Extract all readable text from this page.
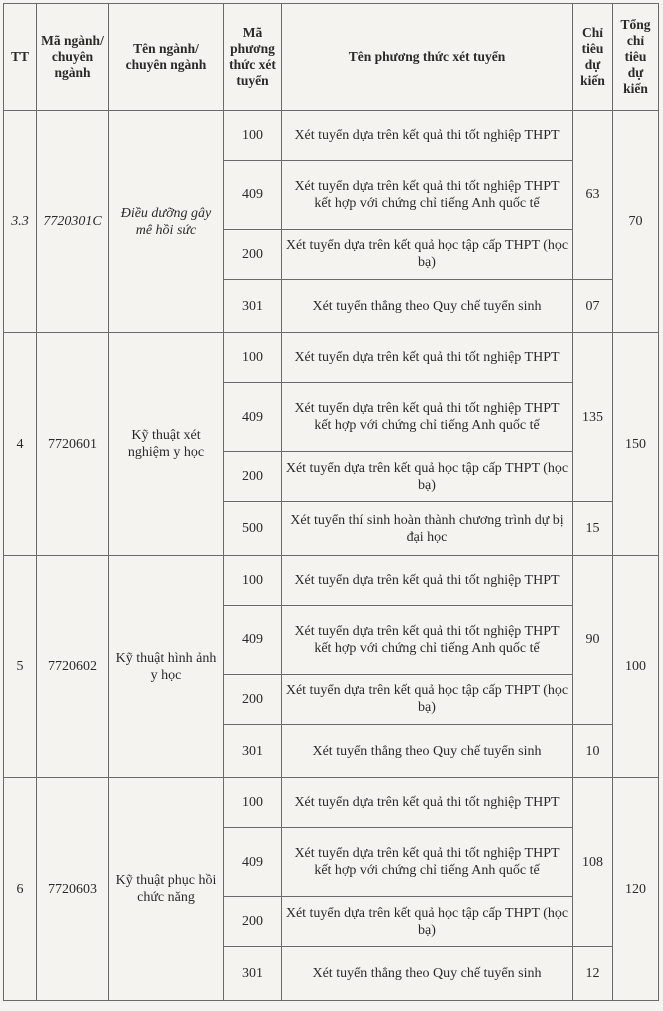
TT	Mã ngành/ chuyên ngành	Tên ngành/ chuyên ngành	Mã phương thức xét tuyển	Tên phương thức xét tuyển	Chỉ tiêu dự kiến	Tổng chỉ tiêu dự kiến
3.3	7720301C	Điều dưỡng gây mê hồi sức	100	Xét tuyển dựa trên kết quả thi tốt nghiệp THPT	63	70
			409	Xét tuyển dựa trên kết quả thi tốt nghiệp THPT kết hợp với chứng chỉ tiếng Anh quốc tế		
			200	Xét tuyển dựa trên kết quả học tập cấp THPT (học bạ)		
			301	Xét tuyển thẳng theo Quy chế tuyển sinh	07	
4	7720601	Kỹ thuật xét nghiệm y học	100	Xét tuyển dựa trên kết quả thi tốt nghiệp THPT	135	150
			409	Xét tuyển dựa trên kết quả thi tốt nghiệp THPT kết hợp với chứng chỉ tiếng Anh quốc tế		
			200	Xét tuyển dựa trên kết quả học tập cấp THPT (học bạ)		
			500	Xét tuyển thí sinh hoàn thành chương trình dự bị đại học	15	
5	7720602	Kỹ thuật hình ảnh y học	100	Xét tuyển dựa trên kết quả thi tốt nghiệp THPT	90	100
			409	Xét tuyển dựa trên kết quả thi tốt nghiệp THPT kết hợp với chứng chỉ tiếng Anh quốc tế		
			200	Xét tuyển dựa trên kết quả học tập cấp THPT (học bạ)		
			301	Xét tuyển thẳng theo Quy chế tuyển sinh	10	
6	7720603	Kỹ thuật phục hồi chức năng	100	Xét tuyển dựa trên kết quả thi tốt nghiệp THPT	108	120
			409	Xét tuyển dựa trên kết quả thi tốt nghiệp THPT kết hợp với chứng chỉ tiếng Anh quốc tế		
			200	Xét tuyển dựa trên kết quả học tập cấp THPT (học bạ)		
			301	Xét tuyển thẳng theo Quy chế tuyển sinh	12	
